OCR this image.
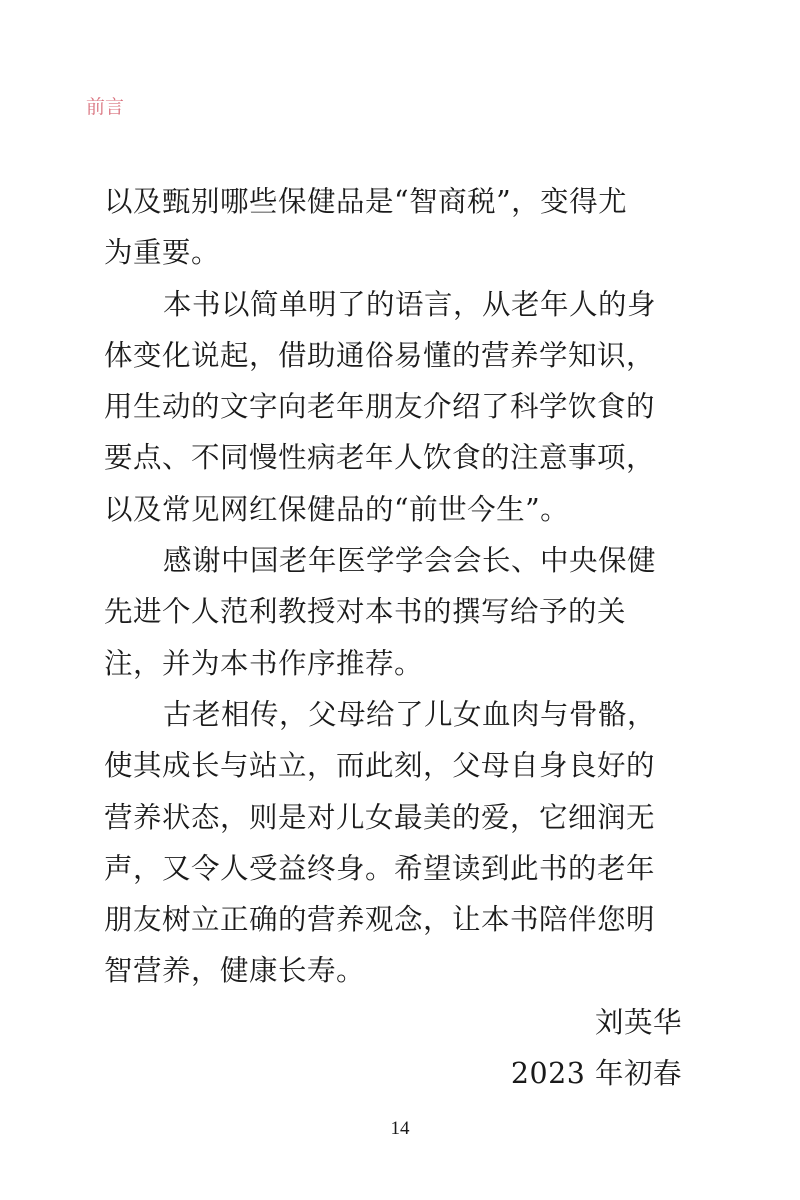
前言
以及甄别哪些保健品是“智商税”，变得尤
为重要。
本书以简单明了的语言，从老年人的身
体变化说起，借助通俗易懂的营养学知识，
用生动的文字向老年朋友介绍了科学饮食的
要点、不同慢性病老年人饮食的注意事项，
以及常见网红保健品的“前世今生”。
感谢中国老年医学学会会长、中央保健
先进个人范利教授对本书的撰写给予的关
注，并为本书作序推荐。
古老相传，父母给了儿女血肉与骨骼，
使其成长与站立，而此刻，父母自身良好的
营养状态，则是对儿女最美的爱，它细润无
声，又令人受益终身。希望读到此书的老年
朋友树立正确的营养观念，让本书陪伴您明
智营养，健康长寿。
刘英华
2023 年初春
14
